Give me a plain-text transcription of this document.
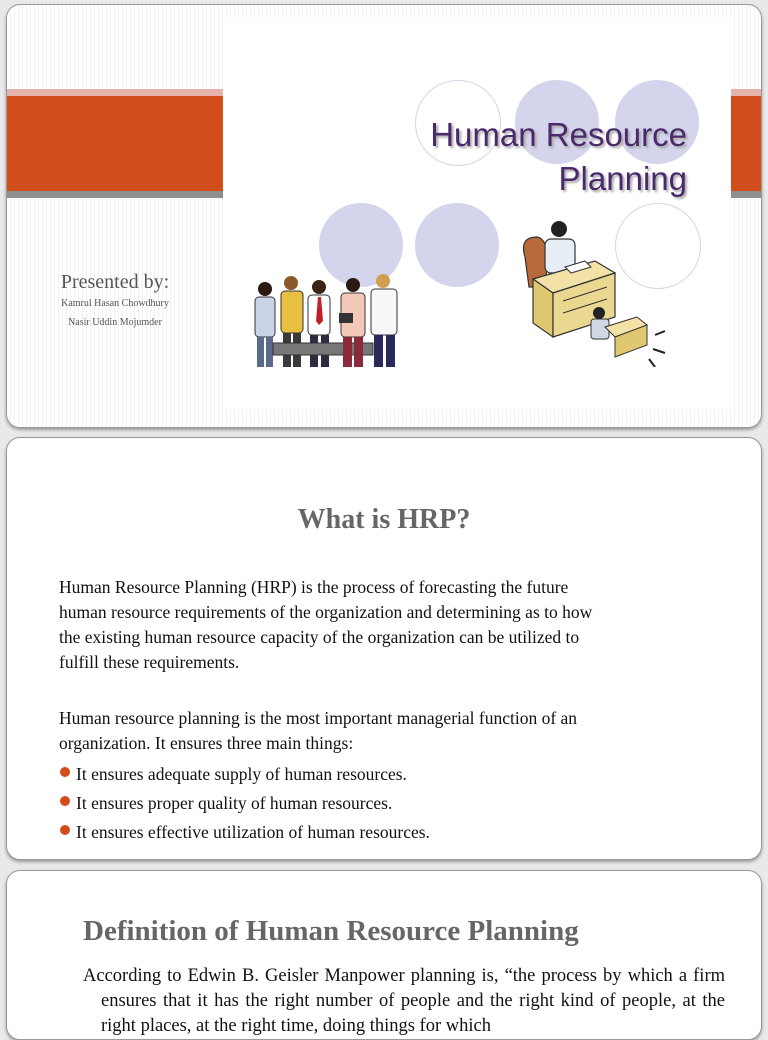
Human Resource
Planning
Presented by:
Kamrul Hasan Chowdhury
Nasir Uddin Mojumder
What is HRP?
Human Resource Planning (HRP) is the process of forecasting the future
human resource requirements of the organization and determining as to how
the existing human resource capacity of the organization can be utilized to
fulfill these requirements.
Human resource planning is the most important managerial function of an
organization. It ensures three main things:
It ensures adequate supply of human resources.
It ensures proper quality of human resources.
It ensures effective utilization of human resources.
Definition of Human Resource Planning
According to Edwin B. Geisler Manpower planning is, “the process by which a firm ensures that it has the right number of people and the right kind of people, at the right places, at the right time, doing things for which
